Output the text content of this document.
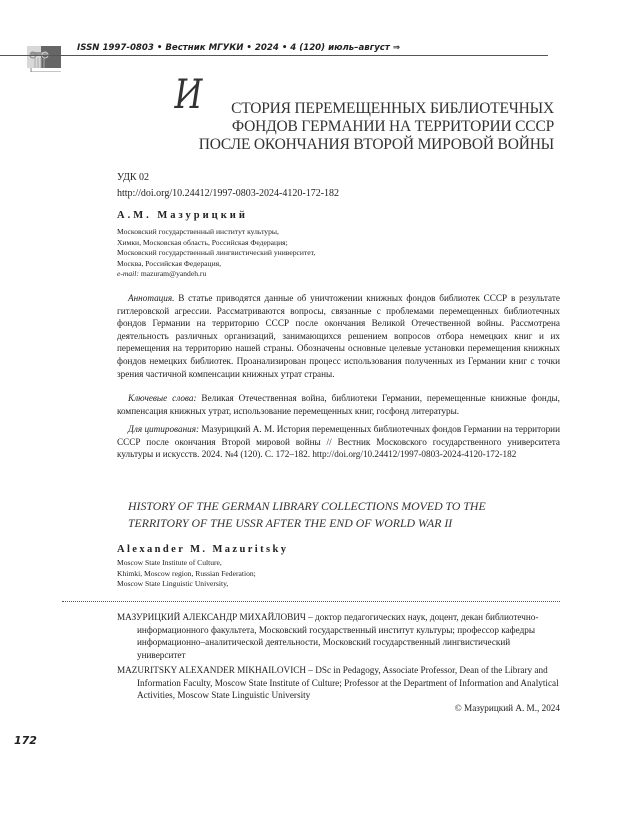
ISSN 1997-0803 • Вестник МГУКИ • 2024 • 4 (120) июль–август ⇒
И	СТОРИЯ ПЕРЕМЕЩЕННЫХ БИБЛИОТЕЧНЫХ
ФОНДОВ ГЕРМАНИИ НА ТЕРРИТОРИИ СССР
ПОСЛЕ ОКОНЧАНИЯ ВТОРОЙ МИРОВОЙ ВОЙНЫ
УДК 02
http://doi.org/10.24412/1997-0803-2024-4120-172-182
А.М. Мазурицкий
Московский государственный институт культуры,
Химки, Московская область, Российская Федерация;
Московский государственный лингвистический университет,
Москва, Российская Федерация,
e-mail: mazuram@yandeh.ru
Аннотация. В статье приводятся данные об уничтожении книжных фондов библиотек СССР в результате гитлеровской агрессии. Рассматриваются вопросы, связанные с проблемами перемещенных библиотечных фондов Германии на территорию СССР после окончания Великой Отечественной войны. Рассмотрена деятельность различных организаций, занимающихся решением вопросов отбора немецких книг и их перемещения на территорию нашей страны. Обозначены основные целевые установки перемещения книжных фондов немецких библиотек. Проанализирован процесс использования полученных из Германии книг с точки зрения частичной компенсации книжных утрат страны.
Ключевые слова: Великая Отечественная война, библиотеки Германии, перемещенные книжные фонды, компенсация книжных утрат, использование перемещенных книг, госфонд литературы.
Для цитирования: Мазурицкий А. М. История перемещенных библиотечных фондов Германии на территории СССР после окончания Второй мировой войны // Вестник Московского государственного университета культуры и искусств. 2024. №4 (120). С. 172–182. http://doi.org/10.24412/1997-0803-2024-4120-172-182
HISTORY OF THE GERMAN LIBRARY COLLECTIONS MOVED TO THE
TERRITORY OF THE USSR AFTER THE END OF WORLD WAR II
Alexander M. Mazuritsky
Moscow State Institute of Culture,
Khimki, Moscow region, Russian Federation;
Moscow State Linguistic University,
МАЗУРИЦКИЙ АЛЕКСАНДР МИХАЙЛОВИЧ – доктор педагогических наук, доцент, декан библиотечно-информационного факультета, Московский государственный институт культуры; профессор кафедры информационно–аналитической деятельности, Московский государственный лингвистический университет
MAZURITSKY ALEXANDER MIKHAILOVICH – DSc in Pedagogy, Associate Professor, Dean of the Library and Information Faculty, Moscow State Institute of Culture; Professor at the Department of Information and Analytical Activities, Moscow State Linguistic University
© Мазурицкий А. М., 2024
172
